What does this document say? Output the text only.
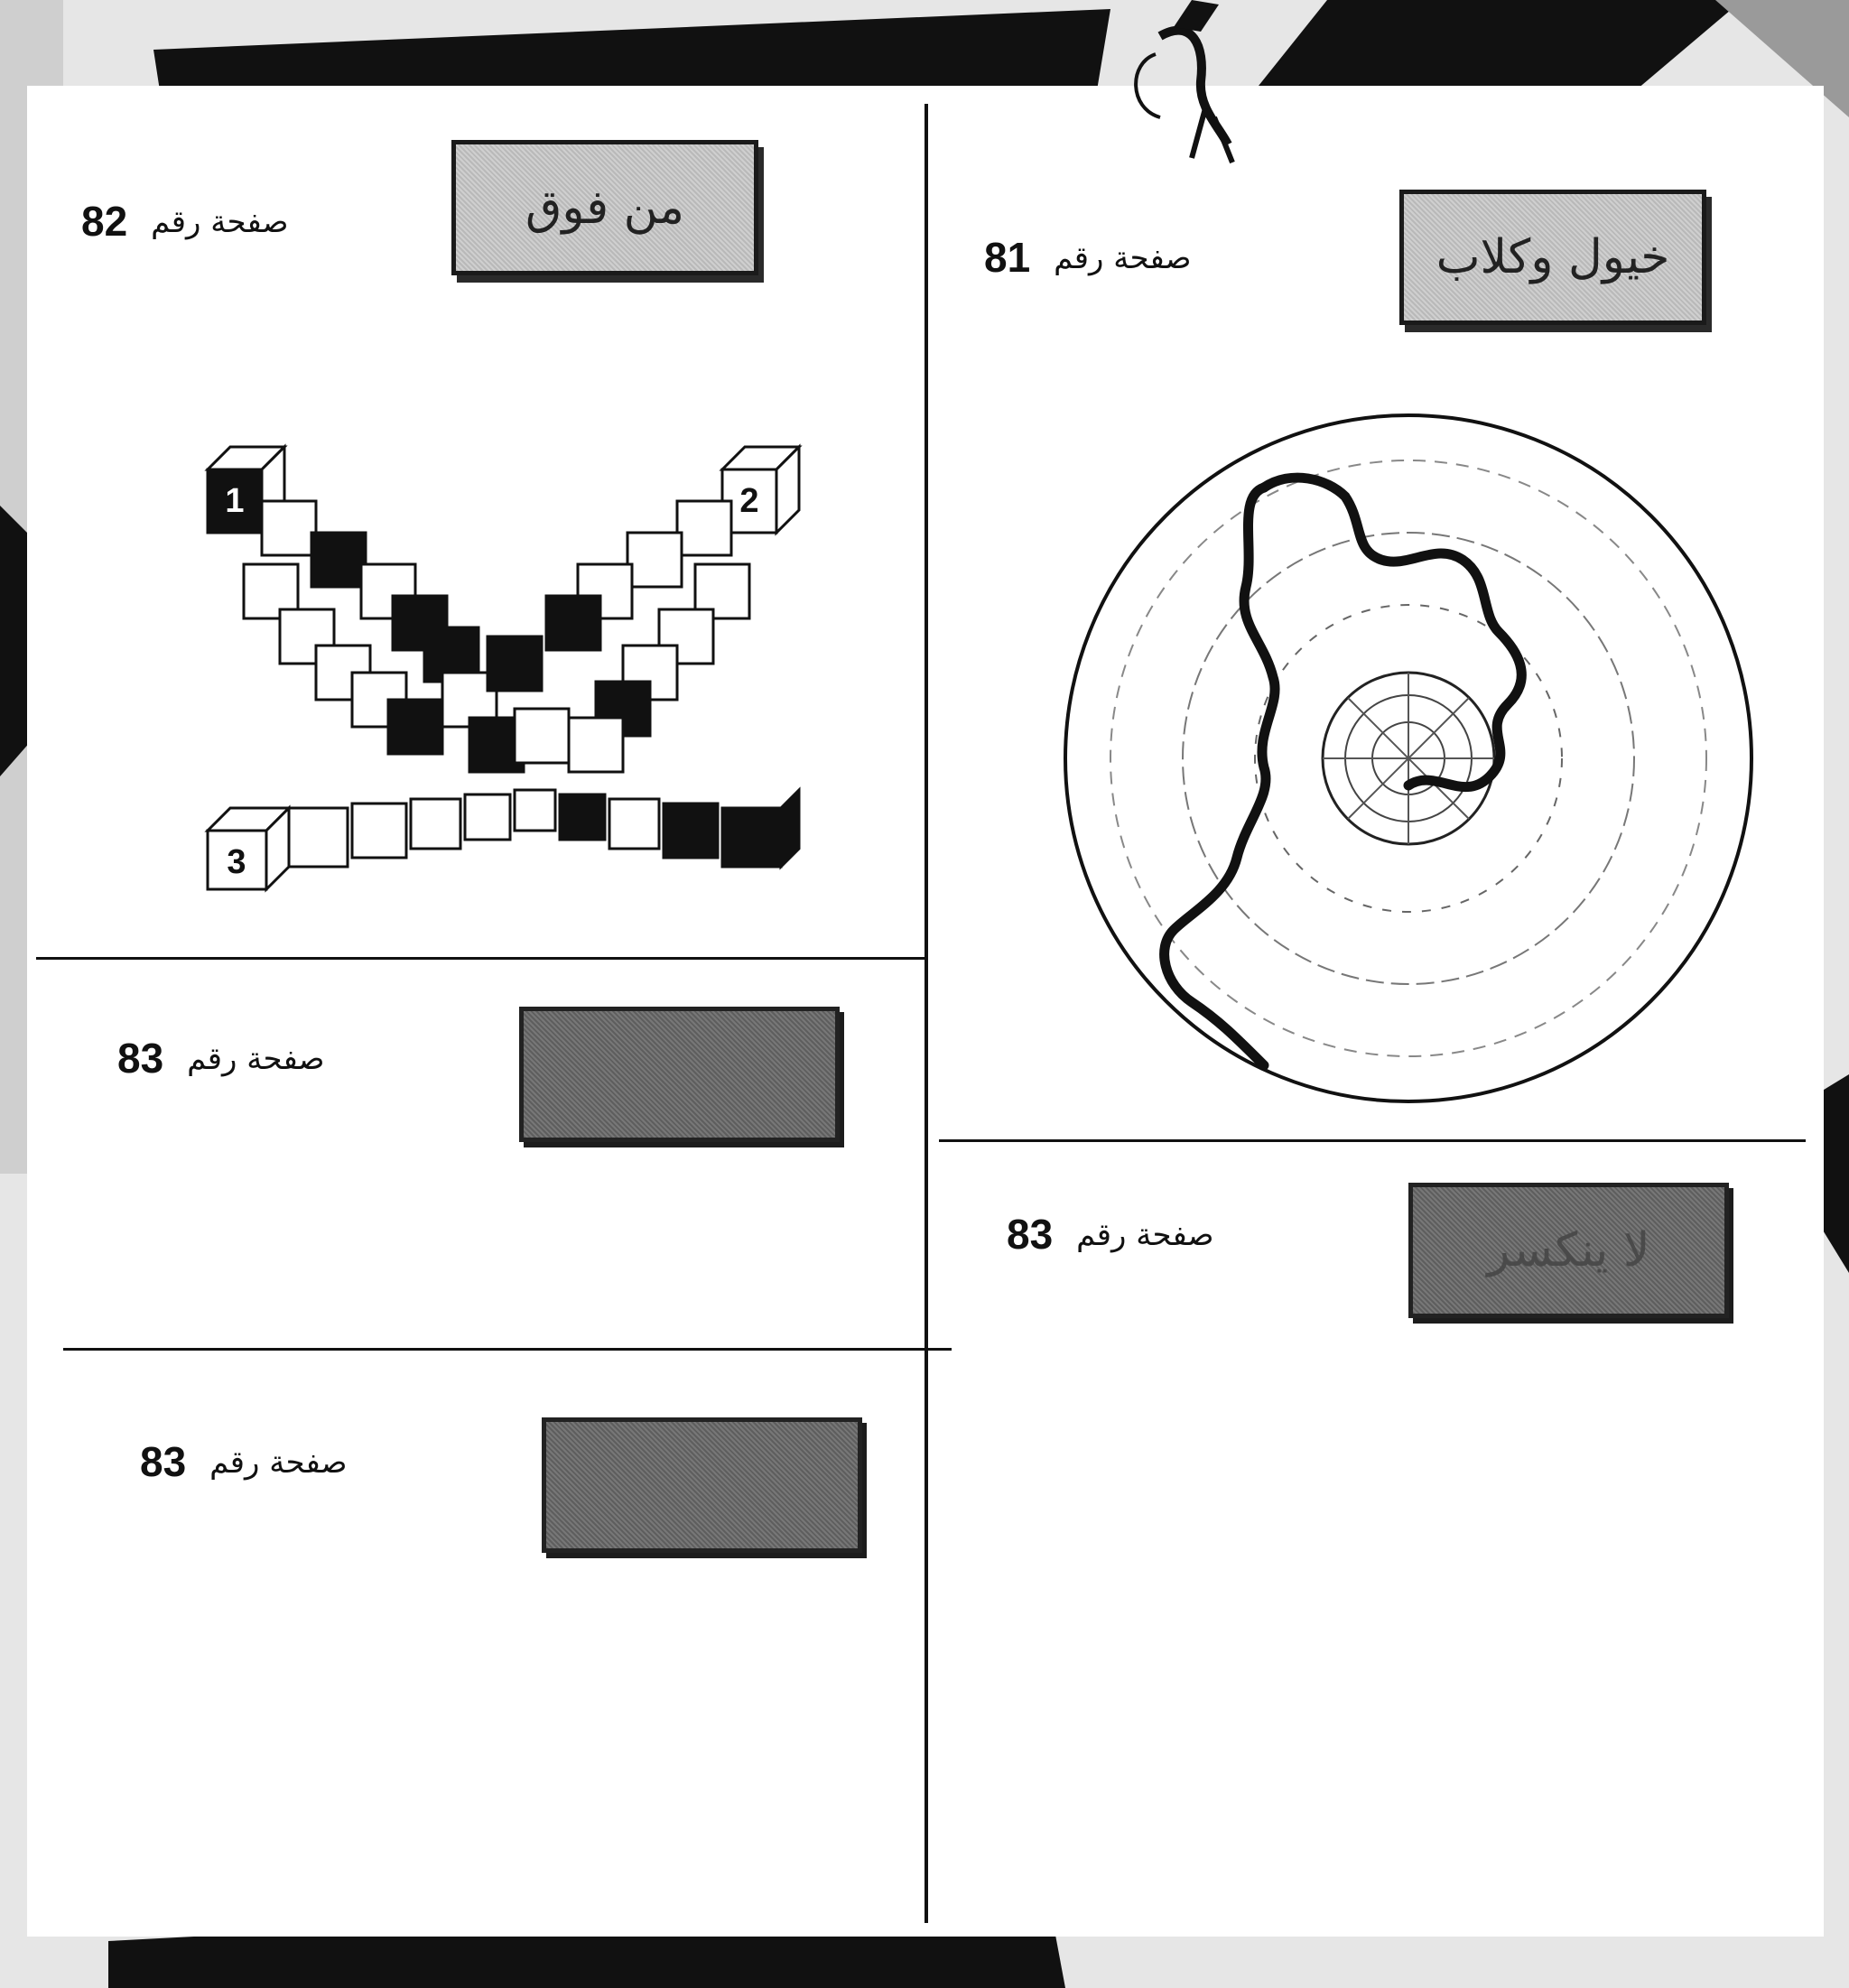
خيول وكلاب
صفحة رقم81
من فوق
صفحة رقم82
1	2
3
صفحة رقم83
لا ينكسر
صفحة رقم83
صفحة رقم83
